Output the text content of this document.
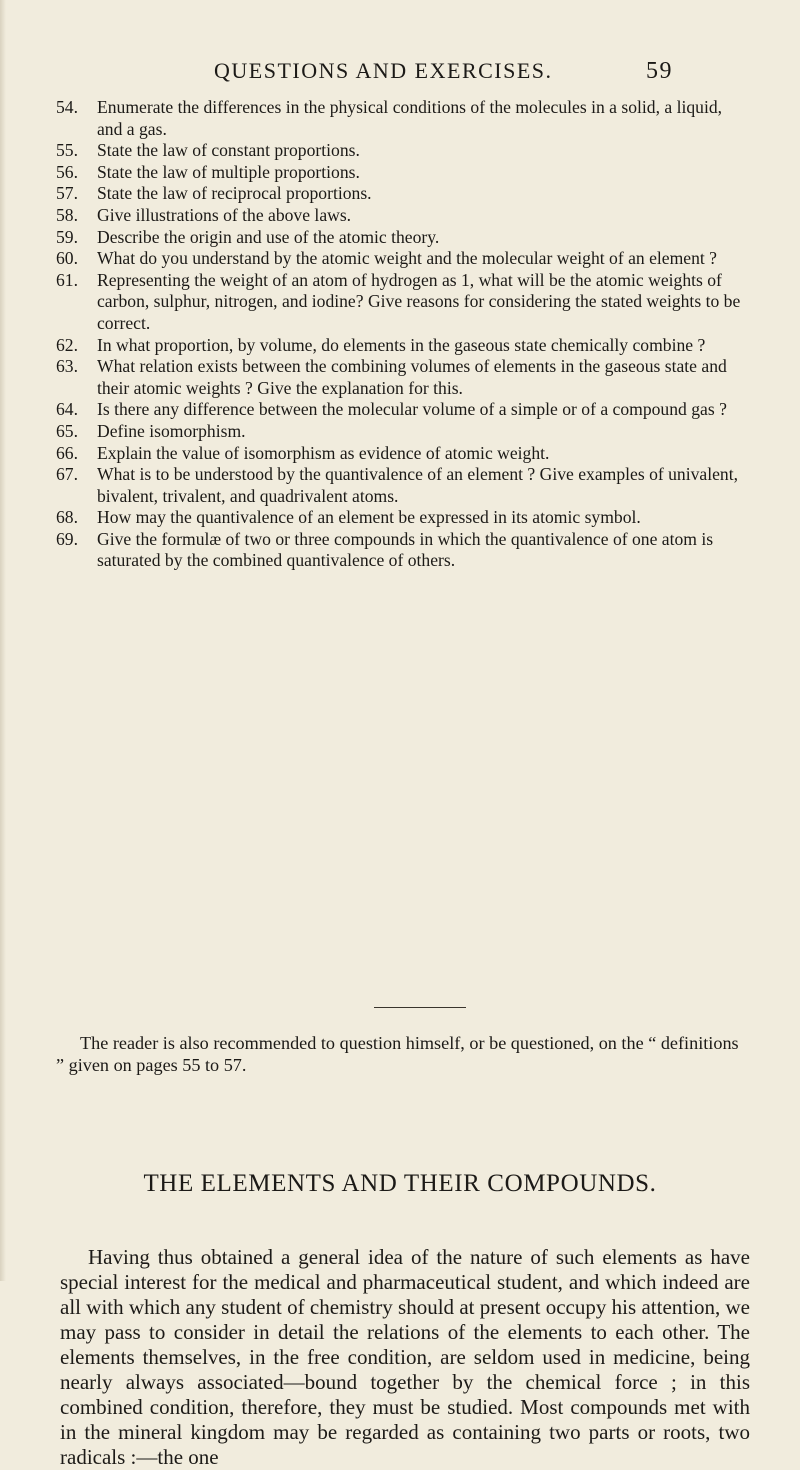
QUESTIONS AND EXERCISES.	59
54. Enumerate the differences in the physical conditions of the molecules in a solid, a liquid, and a gas.
55. State the law of constant proportions.
56. State the law of multiple proportions.
57. State the law of reciprocal proportions.
58. Give illustrations of the above laws.
59. Describe the origin and use of the atomic theory.
60. What do you understand by the atomic weight and the molecular weight of an element ?
61. Representing the weight of an atom of hydrogen as 1, what will be the atomic weights of carbon, sulphur, nitrogen, and iodine? Give reasons for considering the stated weights to be correct.
62. In what proportion, by volume, do elements in the gaseous state chemically combine ?
63. What relation exists between the combining volumes of elements in the gaseous state and their atomic weights ? Give the explanation for this.
64. Is there any difference between the molecular volume of a simple or of a compound gas ?
65. Define isomorphism.
66. Explain the value of isomorphism as evidence of atomic weight.
67. What is to be understood by the quantivalence of an element ? Give examples of univalent, bivalent, trivalent, and quadrivalent atoms.
68. How may the quantivalence of an element be expressed in its atomic symbol.
69. Give the formulæ of two or three compounds in which the quantivalence of one atom is saturated by the combined quantivalence of others.

The reader is also recommended to question himself, or be questioned, on the “ definitions ” given on pages 55 to 57.

THE ELEMENTS AND THEIR COMPOUNDS.

Having thus obtained a general idea of the nature of such elements as have special interest for the medical and pharmaceutical student, and which indeed are all with which any student of chemistry should at present occupy his attention, we may pass to consider in detail the relations of the elements to each other. The elements themselves, in the free condition, are seldom used in medicine, being nearly always associated—bound together by the chemical force ; in this combined condition, therefore, they must be studied. Most compounds met with in the mineral kingdom may be regarded as containing two parts or roots, two radicals :—the one
